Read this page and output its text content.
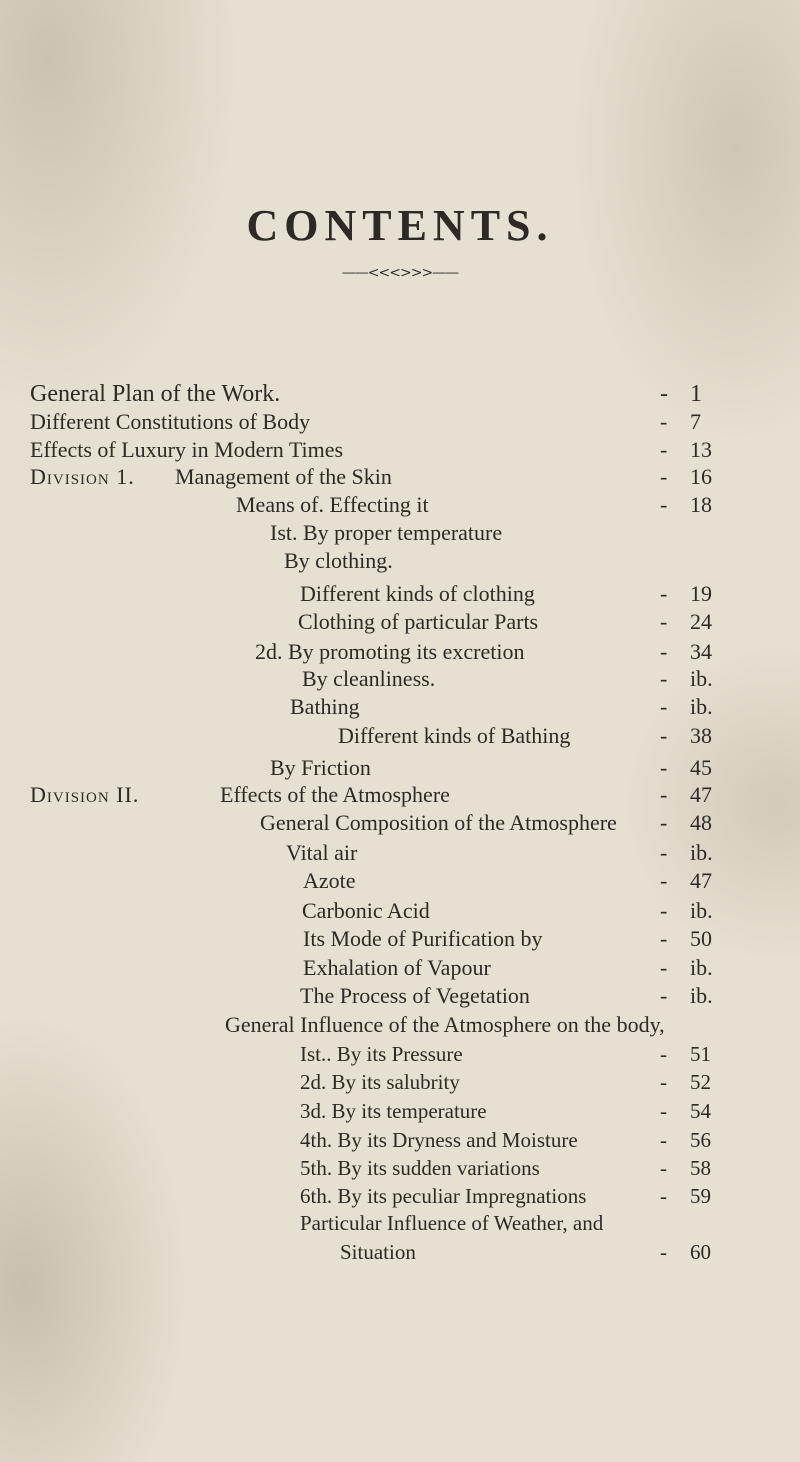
CONTENTS.
——<<<>>>——
General Plan of the Work.	1
-
Different Constitutions of Body	7
-
Effects of Luxury in Modern Times	13
-
Division 1. Management of the Skin	16
-
Means of. Effecting it	18
-
Ist. By proper temperature
By clothing.
Different kinds of clothing	19
-
Clothing of particular Parts	24
-
2d. By promoting its excretion	34
-
By cleanliness.	ib.
-
Bathing	ib.
-
Different kinds of Bathing	38
-
By Friction	45
-
Division II.	Effects of the Atmosphere	47
-
General Composition of the Atmosphere	48
-
Vital air	ib.
-
Azote	47
-
Carbonic Acid	ib.
-
Its Mode of Purification by	50
-
Exhalation of Vapour	ib.
-
The Process of Vegetation	ib.
-
General Influence of the Atmosphere on the body,
Ist.. By its Pressure	51
-
2d. By its salubrity	52
-
3d. By its temperature	54
-
4th. By its Dryness and Moisture	56
-
5th. By its sudden variations	58
-
6th. By its peculiar Impregnations	59
-
Particular Influence of Weather, and
Situation	60
-
